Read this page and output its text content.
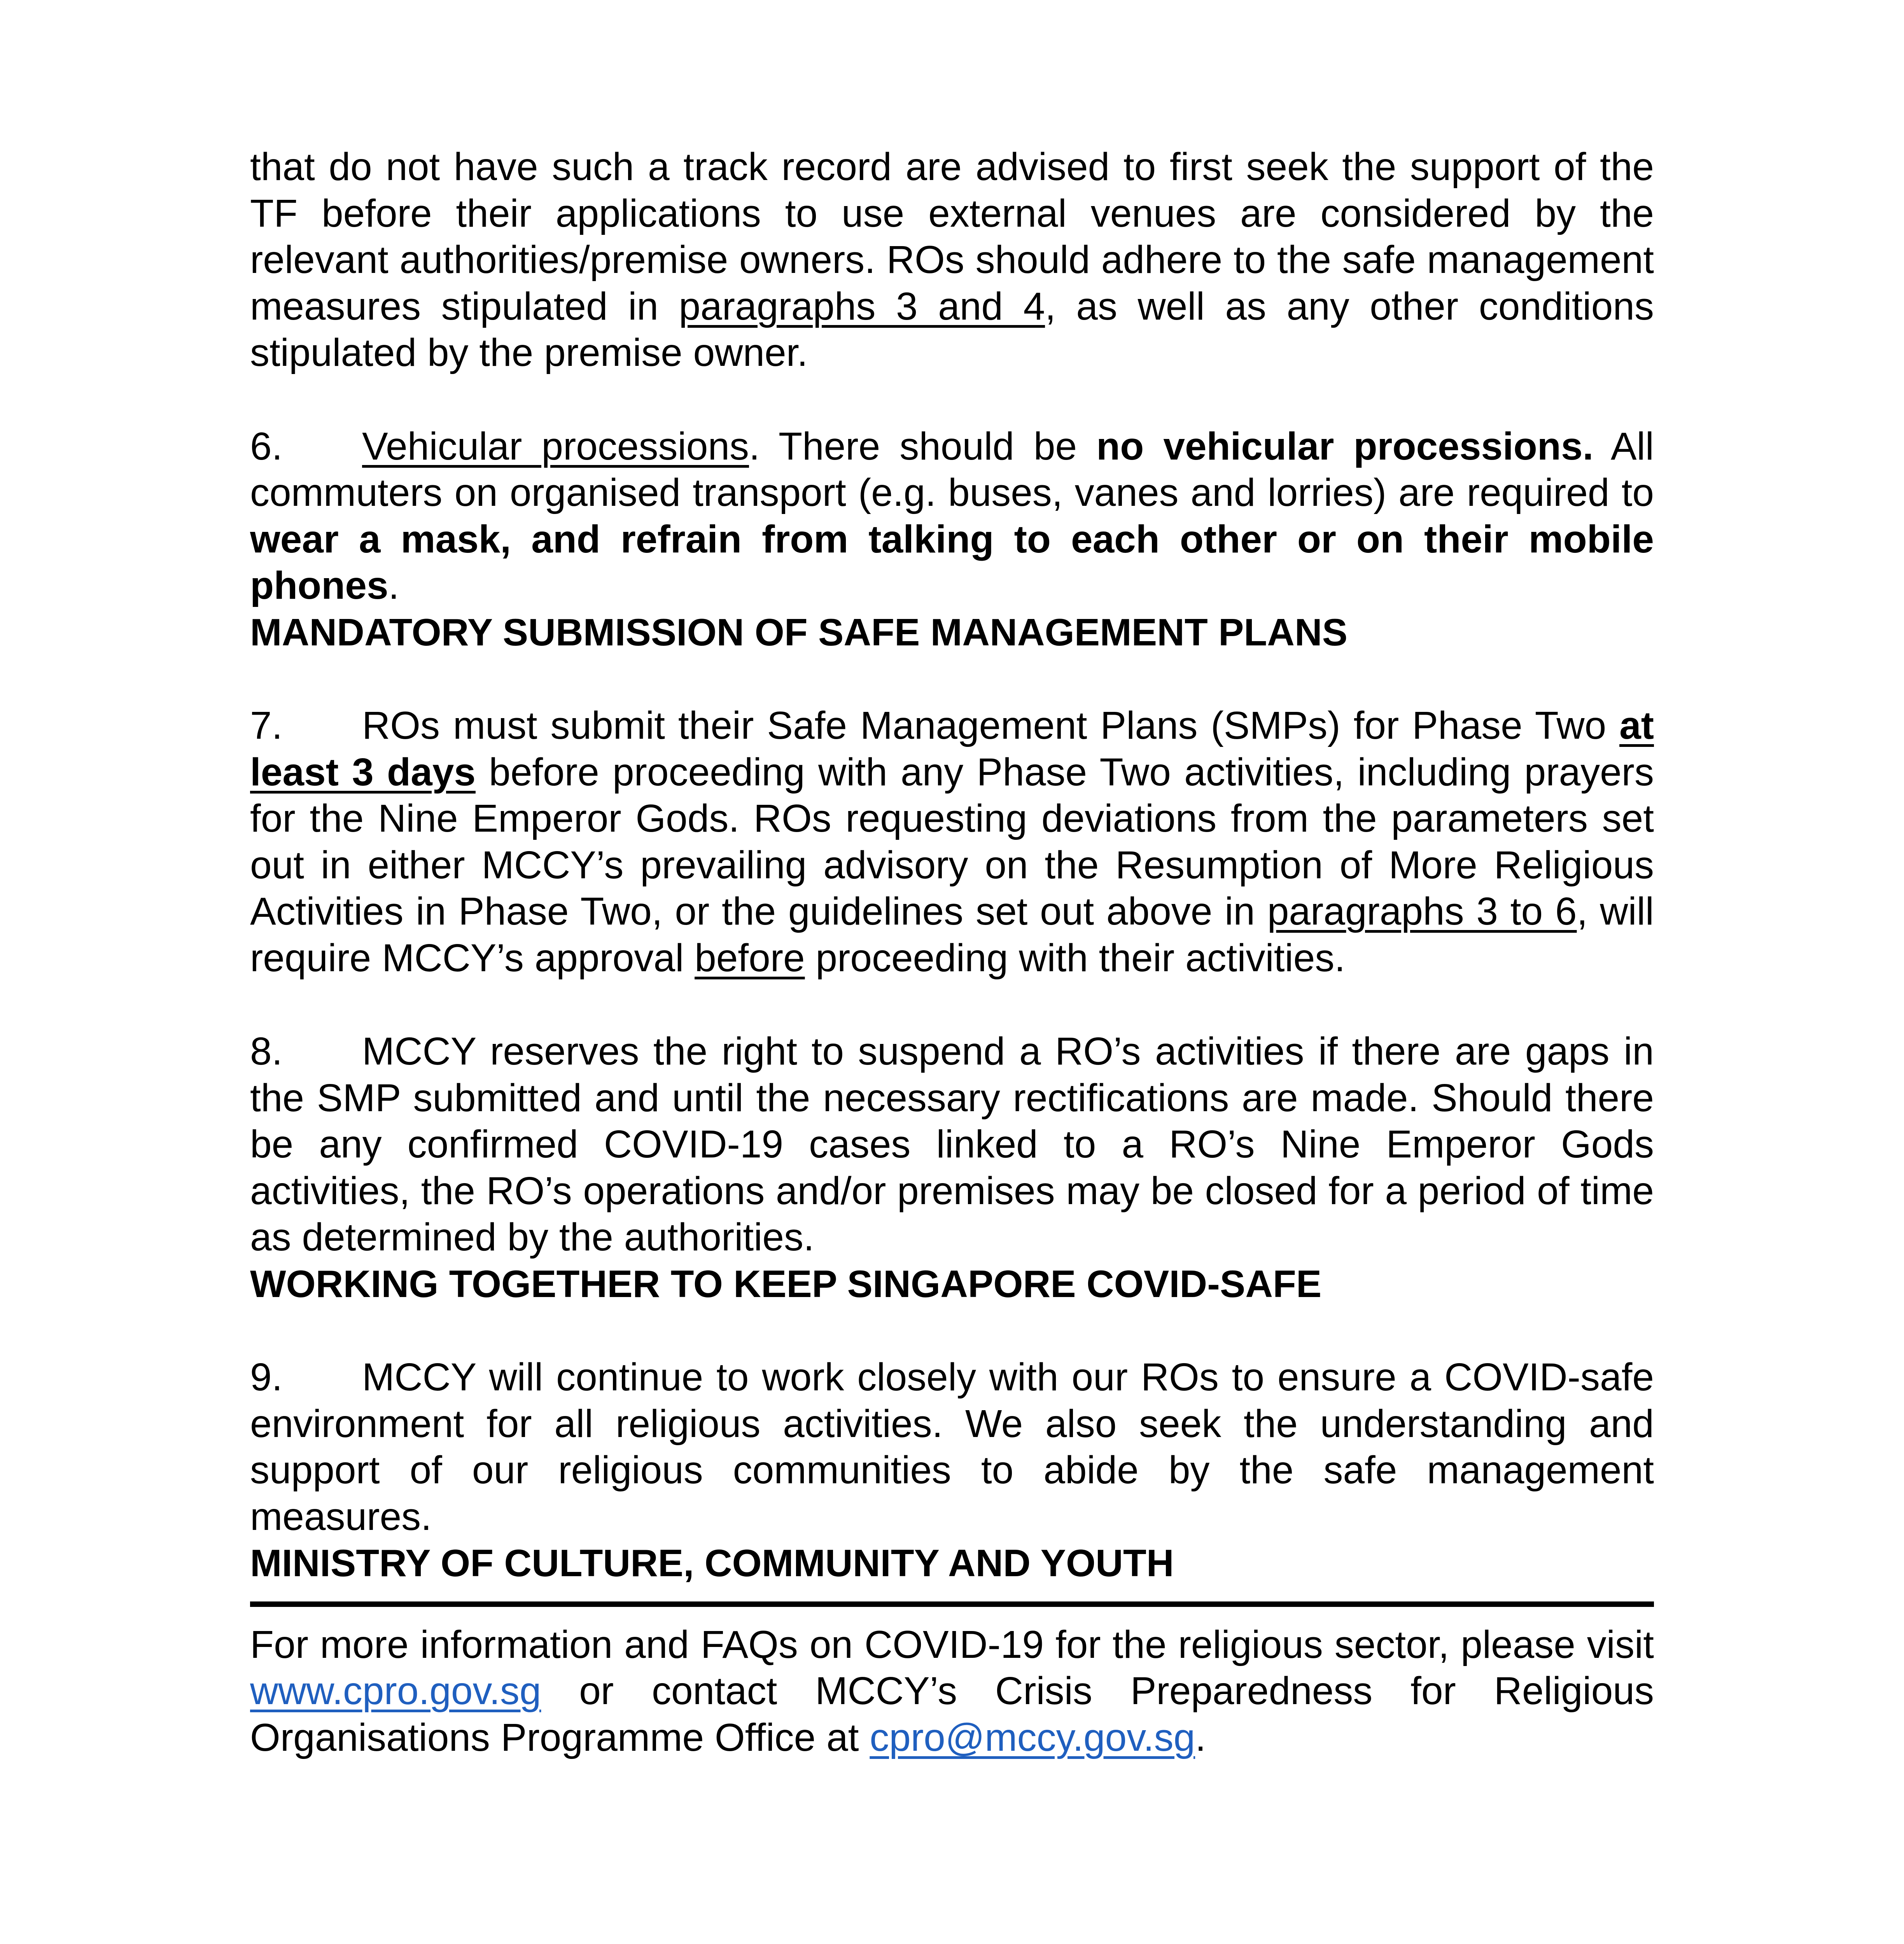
that do not have such a track record are advised to first seek the support of the TF before their applications to use external venues are considered by the relevant authorities/premise owners. ROs should adhere to the safe management measures stipulated in paragraphs 3 and 4, as well as any other conditions stipulated by the premise owner.

6. Vehicular processions. There should be no vehicular processions. All commuters on organised transport (e.g. buses, vanes and lorries) are required to wear a mask, and refrain from talking to each other or on their mobile phones.

MANDATORY SUBMISSION OF SAFE MANAGEMENT PLANS

7. ROs must submit their Safe Management Plans (SMPs) for Phase Two at least 3 days before proceeding with any Phase Two activities, including prayers for the Nine Emperor Gods. ROs requesting deviations from the parameters set out in either MCCY’s prevailing advisory on the Resumption of More Religious Activities in Phase Two, or the guidelines set out above in paragraphs 3 to 6, will require MCCY’s approval before proceeding with their activities.

8. MCCY reserves the right to suspend a RO’s activities if there are gaps in the SMP submitted and until the necessary rectifications are made. Should there be any confirmed COVID-19 cases linked to a RO’s Nine Emperor Gods activities, the RO’s operations and/or premises may be closed for a period of time as determined by the authorities.

WORKING TOGETHER TO KEEP SINGAPORE COVID-SAFE

9. MCCY will continue to work closely with our ROs to ensure a COVID-safe environment for all religious activities. We also seek the understanding and support of our religious communities to abide by the safe management measures.

MINISTRY OF CULTURE, COMMUNITY AND YOUTH

For more information and FAQs on COVID-19 for the religious sector, please visit www.cpro.gov.sg or contact MCCY’s Crisis Preparedness for Religious Organisations Programme Office at cpro@mccy.gov.sg.
